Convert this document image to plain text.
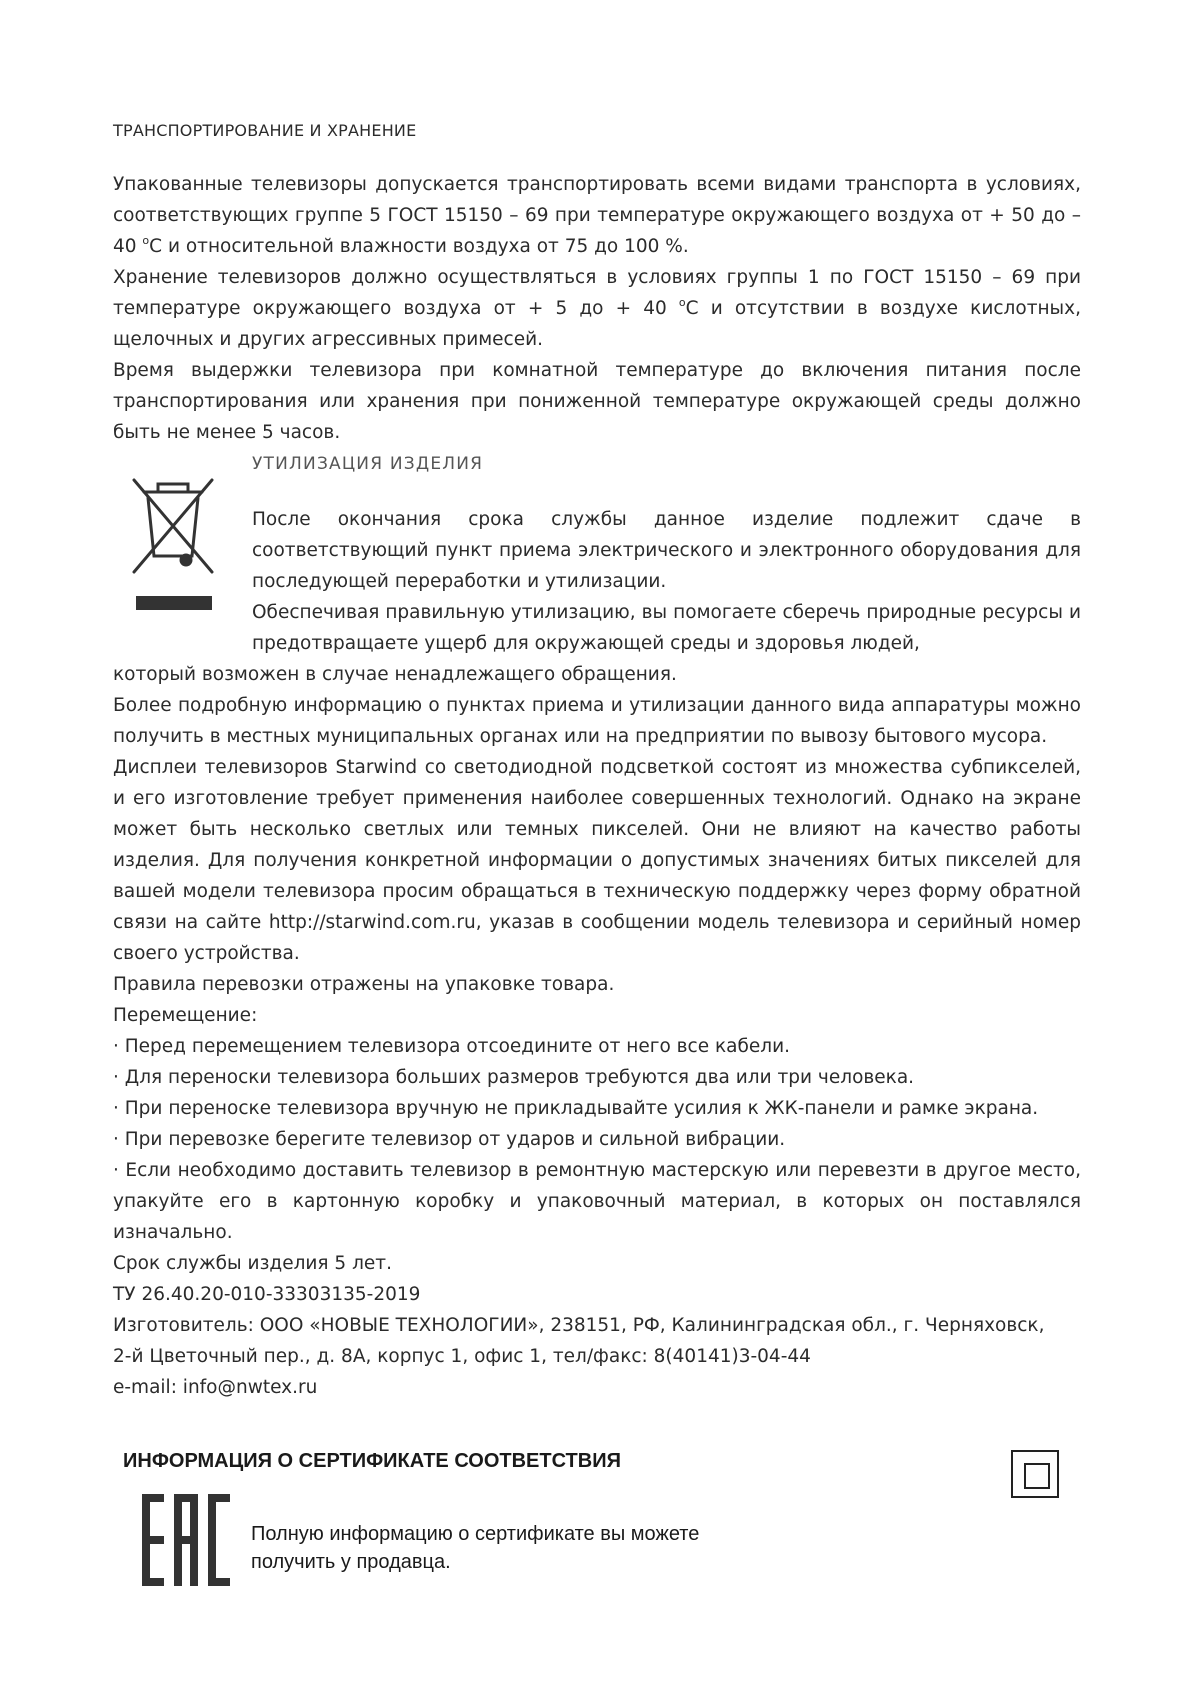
ТРАНСПОРТИРОВАНИЕ И ХРАНЕНИЕ

Упакованные телевизоры допускается транспортировать всеми видами транспорта в условиях, соответствующих группе 5 ГОСТ 15150 – 69 при температуре окружающего воздуха от + 50 до – 40 $^о$С и относительной влажности воздуха от 75 до 100 %.

Хранение телевизоров должно осуществляться в условиях группы 1 по ГОСТ 15150 – 69 при температуре окружающего воздуха от + 5 до + 40 $^о$С и отсутствии в воздухе кислотных, щелочных и других агрессивных примесей.

Время выдержки телевизора при комнатной температуре до включения питания после транспортирования или хранения при пониженной температуре окружающей среды должно быть не менее 5 часов.

УТИЛИЗАЦИЯ ИЗДЕЛИЯ

После окончания срока службы данное изделие подлежит сдаче в соответствующий пункт приема электрического и электронного оборудования для последующей переработки и утилизации.

Обеспечивая правильную утилизацию, вы помогаете сберечь природные ресурсы и предотвращаете ущерб для окружающей среды и здоровья людей,

который возможен в случае ненадлежащего обращения.

Более подробную информацию о пунктах приема и утилизации данного вида аппаратуры можно получить в местных муниципальных органах или на предприятии по вывозу бытового мусора.

Дисплеи телевизоров Starwind со светодиодной подсветкой состоят из множества субпикселей, и его изготовление требует применения наиболее совершенных технологий. Однако на экране может быть несколько светлых или темных пикселей. Они не влияют на качество работы изделия. Для получения конкретной информации о допустимых значениях битых пикселей для вашей модели телевизора просим обращаться в техническую поддержку через форму обратной связи на сайте http://starwind.com.ru, указав в сообщении модель телевизора и серийный номер своего устройства.

Правила перевозки отражены на упаковке товара.

Перемещение:

· Перед перемещением телевизора отсоедините от него все кабели.

· Для переноски телевизора больших размеров требуются два или три человека.

· При переноске телевизора вручную не прикладывайте усилия к ЖК-панели и рамке экрана.

· При перевозке берегите телевизор от ударов и сильной вибрации.

· Если необходимо доставить телевизор в ремонтную мастерскую или перевезти в другое место, упакуйте его в картонную коробку и упаковочный материал, в которых он поставлялся изначально.

Срок службы изделия 5 лет.

ТУ 26.40.20-010-33303135-2019

Изготовитель: ООО «НОВЫЕ ТЕХНОЛОГИИ», 238151, РФ, Калининградская обл., г. Черняховск,

2-й Цветочный пер., д. 8А, корпус 1, офис 1, тел/факс: 8(40141)3-04-44

e-mail: info@nwtex.ru

ИНФОРМАЦИЯ О СЕРТИФИКАТЕ СООТВЕТСТВИЯ
Полную информацию о сертификате вы можете
получить у продавца.
